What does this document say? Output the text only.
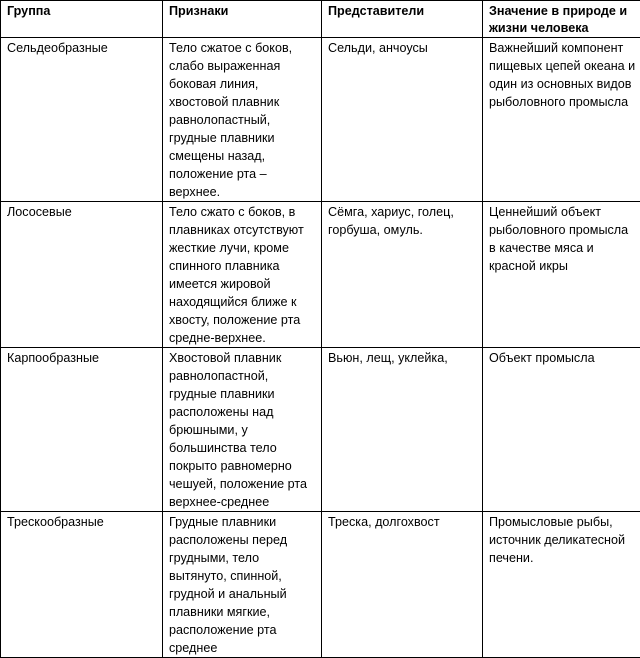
Группа	Признаки	Представители	Значение в природе и жизни человека

Сельдеобразные	Тело сжатое с боков, слабо выраженная боковая линия, хвостовой плавник равнолопастный, грудные плавники смещены назад, положение рта – верхнее.	Сельди, анчоусы	Важнейший компонент пищевых цепей океана и один из основных видов рыболовного промысла

Лососевые	Тело сжато с боков, в плавниках отсутствуют жесткие лучи, кроме спинного плавника имеется жировой находящийся ближе к хвосту, положение рта средне-верхнее.	Сёмга, хариус, голец, горбуша, омуль.	Ценнейший объект рыболовного промысла в качестве мяса и красной икры

Карпообразные	Хвостовой плавник равнолопастной, грудные плавники расположены над брюшными, у большинства тело покрыто равномерно чешуей, положение рта верхнее-среднее	Вьюн, лещ, уклейка,	Объект промысла

Трескообразные	Грудные плавники расположены перед грудными, тело вытянуто, спинной, грудной и анальный плавники мягкие, расположение рта среднее	Треска, долгохвост	Промысловые рыбы, источник деликатесной печени.
